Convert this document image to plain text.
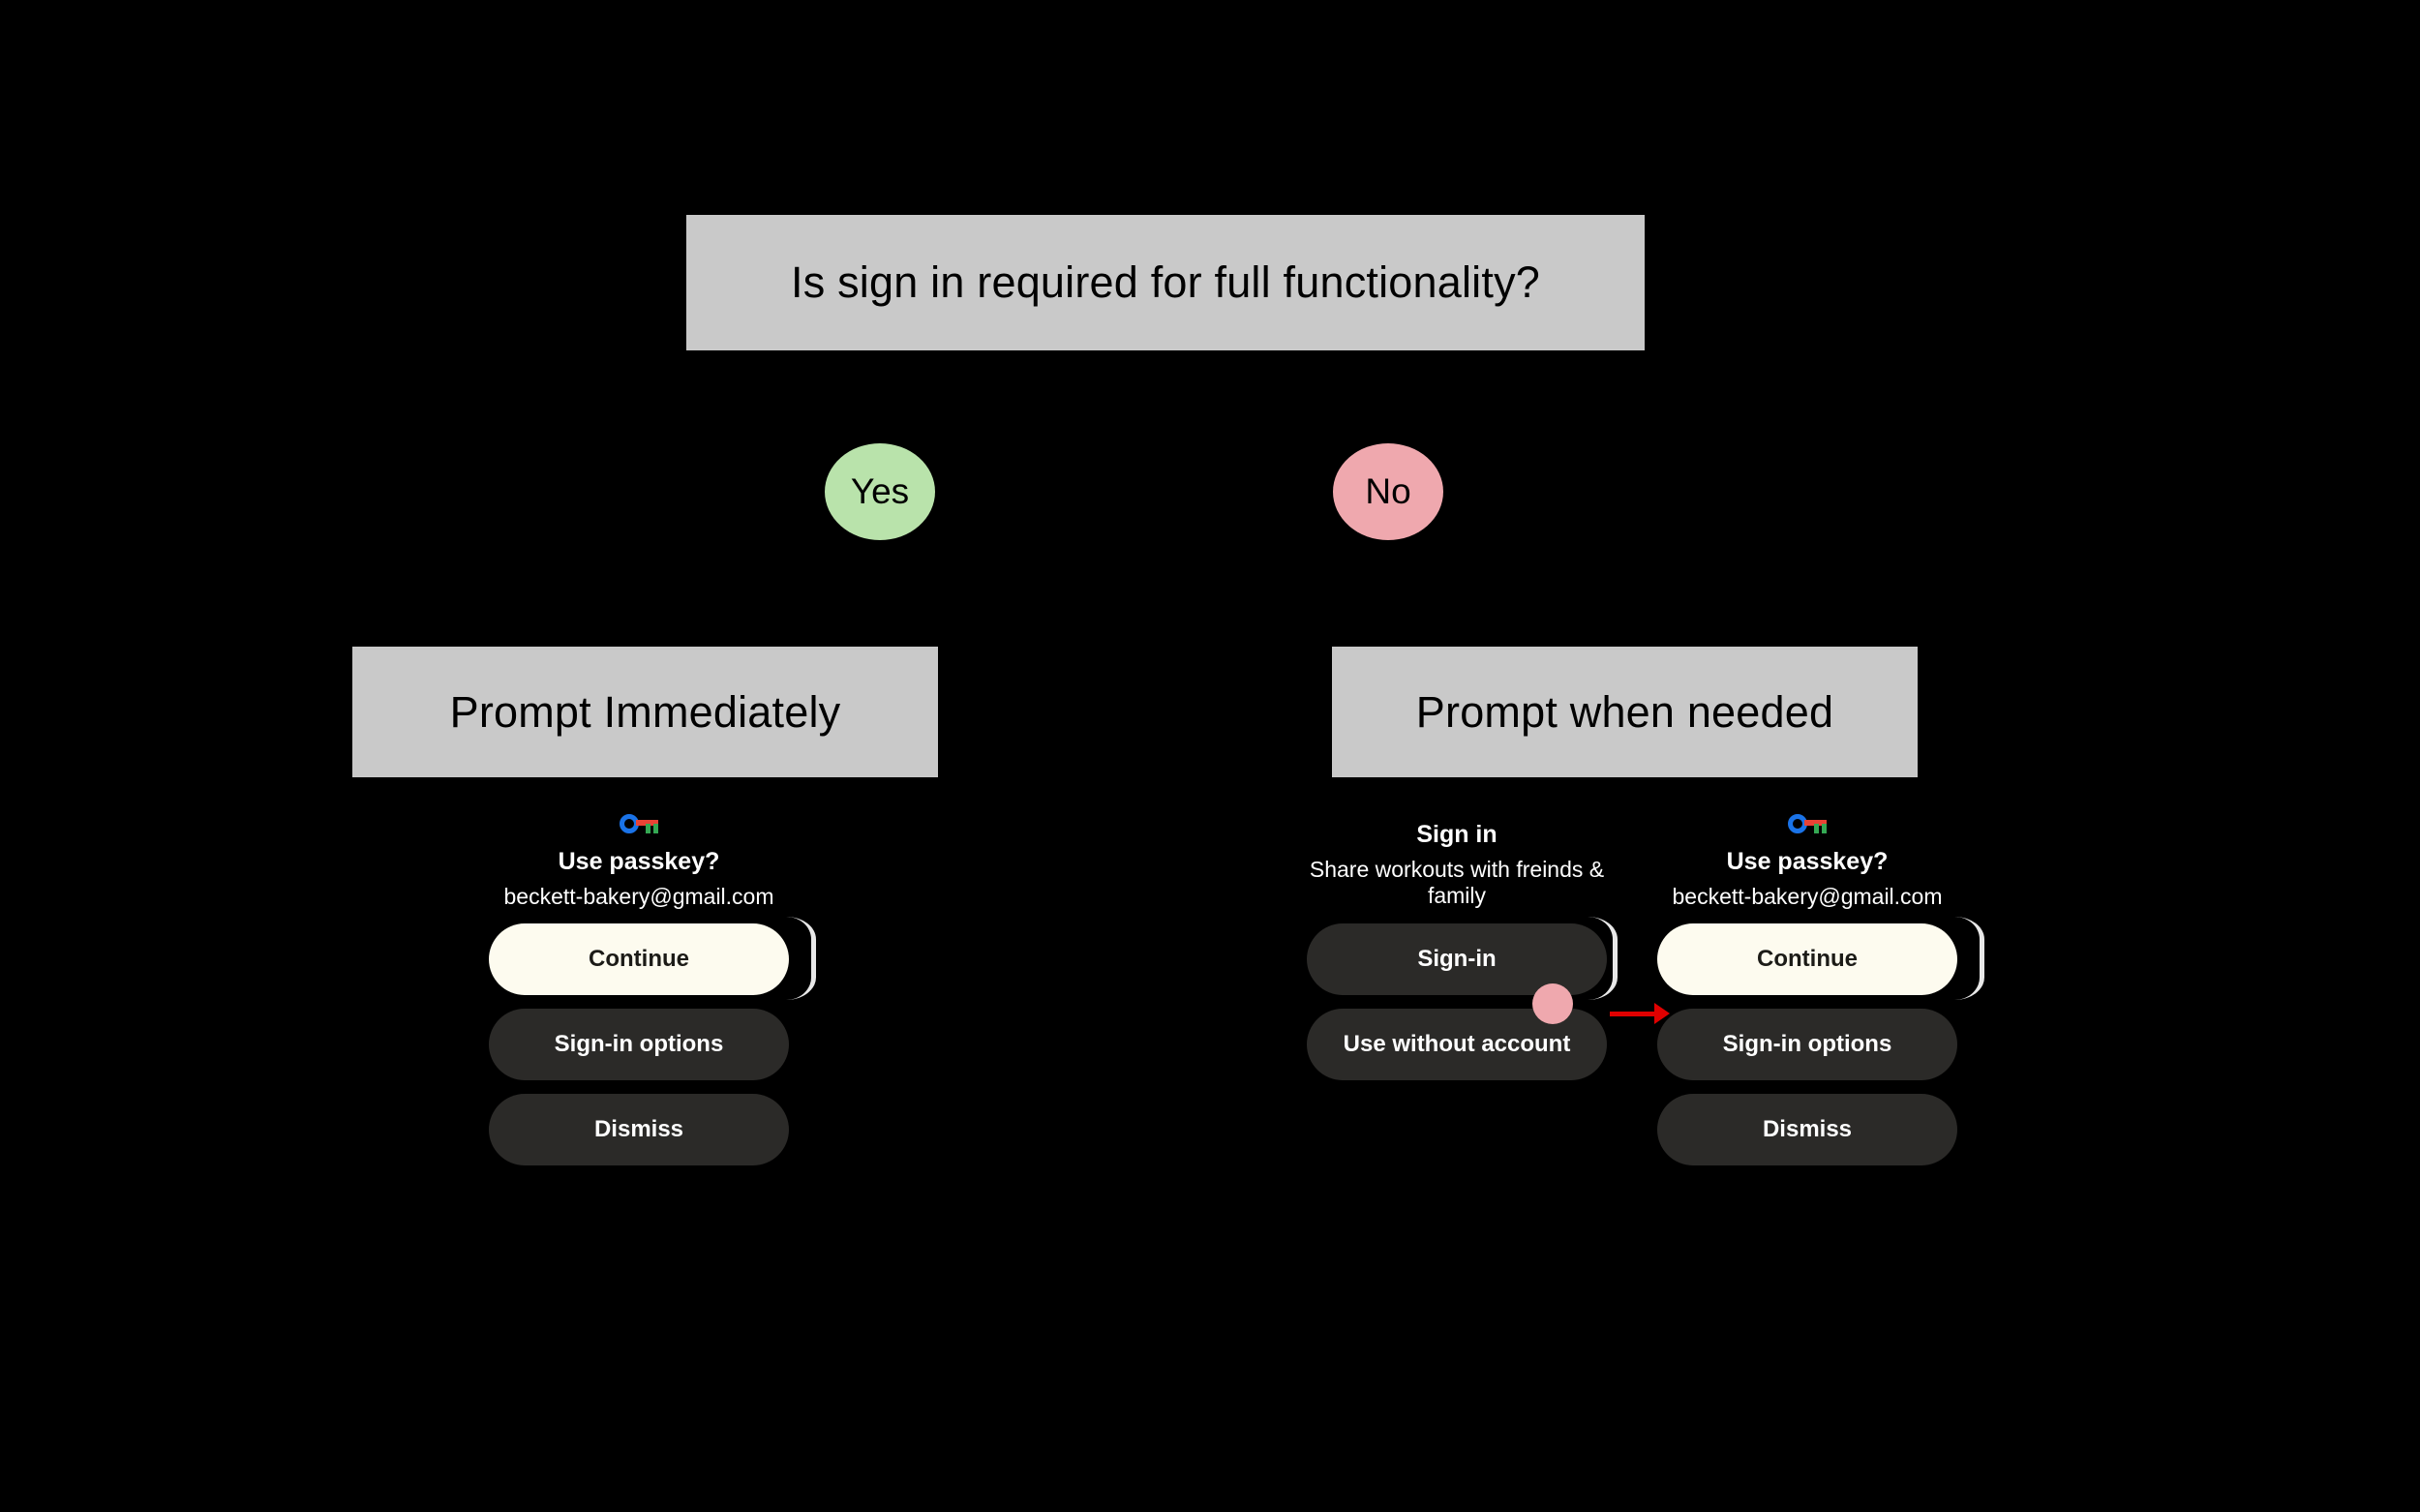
Is sign in required for full functionality?
Yes	No
Prompt Immediately	Prompt when needed
Use passkey?
beckett-bakery@gmail.com
Continue
Sign-in options
Dismiss
Sign in
Share workouts with freinds & family
Sign-in
Use without account
Use passkey?
beckett-bakery@gmail.com
Continue
Sign-in options
Dismiss
